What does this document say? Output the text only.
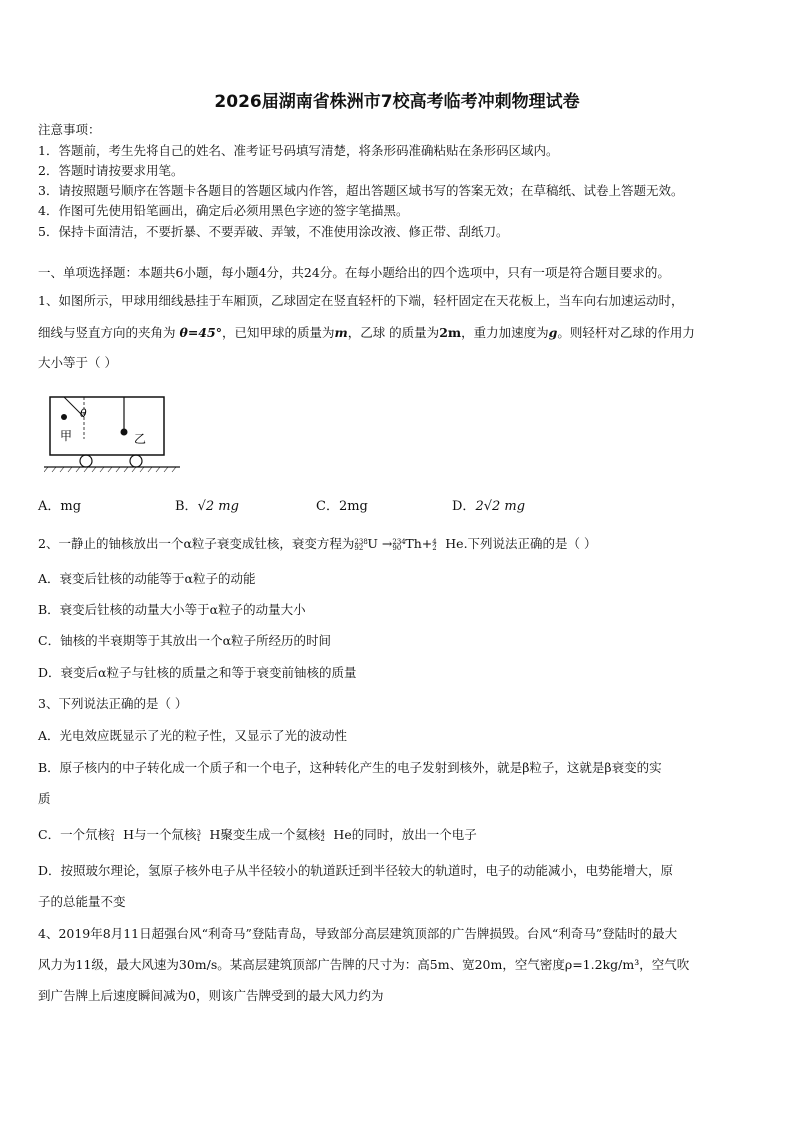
2026届湖南省株洲市7校高考临考冲刺物理试卷
注意事项：
1．答题前，考生先将自己的姓名、准考证号码填写清楚，将条形码准确粘贴在条形码区域内。
2．答题时请按要求用笔。
3．请按照题号顺序在答题卡各题目的答题区域内作答，超出答题区域书写的答案无效；在草稿纸、试卷上答题无效。
4．作图可先使用铅笔画出，确定后必须用黑色字迹的签字笔描黑。
5．保持卡面清洁，不要折暴、不要弄破、弄皱，不准使用涂改液、修正带、刮纸刀。
一、单项选择题：本题共6小题，每小题4分，共24分。在每小题给出的四个选项中，只有一项是符合题目要求的。
1、如图所示，甲球用细线悬挂于车厢顶，乙球固定在竖直轻杆的下端，轻杆固定在天花板上，当车向右加速运动时，
细线与竖直方向的夹角为 θ=45°，已知甲球的质量为m，乙球 的质量为2m，重力加速度为g。则轻杆对乙球的作用力
大小等于（ ）
θ
甲	乙
A．mg	B．√2 mg	C．2mg	D．2√2 mg
2、一静止的铀核放出一个α粒子衰变成钍核，衰变方程为 238
92 U → 234
90 Th+ 4
2 He.下列说法正确的是（ ）
A．衰变后钍核的动能等于α粒子的动能
B．衰变后钍核的动量大小等于α粒子的动量大小
C．铀核的半衰期等于其放出一个α粒子所经历的时间
D．衰变后α粒子与钍核的质量之和等于衰变前铀核的质量
3、下列说法正确的是（ ）
A．光电效应既显示了光的粒子性，又显示了光的波动性
B．原子核内的中子转化成一个质子和一个电子，这种转化产生的电子发射到核外，就是β粒子，这就是β衰变的实
质
C．一个氘核 2
1 H与一个氚核 3
1 H聚变生成一个氦核 4
2 He的同时，放出一个电子
D．按照玻尔理论，氢原子核外电子从半径较小的轨道跃迁到半径较大的轨道时，电子的动能减小，电势能增大，原
子的总能量不变
4、2019年8月11日超强台风“利奇马”登陆青岛，导致部分高层建筑顶部的广告牌损毁。台风“利奇马”登陆时的最大
风力为11级，最大风速为30m/s。某高层建筑顶部广告牌的尺寸为：高5m、宽20m，空气密度ρ=1.2kg/m³，空气吹
到广告牌上后速度瞬间减为0，则该广告牌受到的最大风力约为
